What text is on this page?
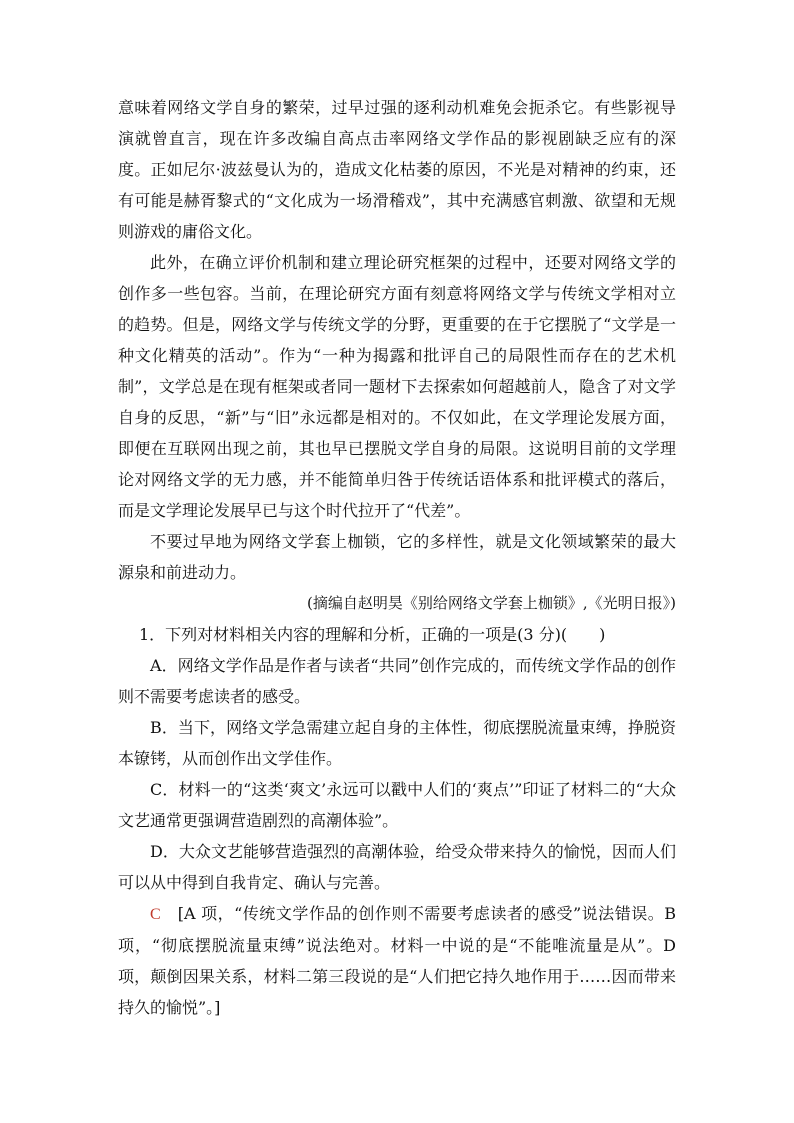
意味着网络文学自身的繁荣，过早过强的逐利动机难免会扼杀它。有些影视导演就曾直言，现在许多改编自高点击率网络文学作品的影视剧缺乏应有的深度。正如尼尔·波兹曼认为的，造成文化枯萎的原因，不光是对精神的约束，还有可能是赫胥黎式的“文化成为一场滑稽戏”，其中充满感官刺激、欲望和无规则游戏的庸俗文化。

此外，在确立评价机制和建立理论研究框架的过程中，还要对网络文学的创作多一些包容。当前，在理论研究方面有刻意将网络文学与传统文学相对立的趋势。但是，网络文学与传统文学的分野，更重要的在于它摆脱了“文学是一种文化精英的活动”。作为“一种为揭露和批评自己的局限性而存在的艺术机制”，文学总是在现有框架或者同一题材下去探索如何超越前人，隐含了对文学自身的反思，“新”与“旧”永远都是相对的。不仅如此，在文学理论发展方面，即便在互联网出现之前，其也早已摆脱文学自身的局限。这说明目前的文学理论对网络文学的无力感，并不能简单归咎于传统话语体系和批评模式的落后，而是文学理论发展早已与这个时代拉开了“代差”。

不要过早地为网络文学套上枷锁，它的多样性，就是文化领域繁荣的最大源泉和前进动力。

(摘编自赵明昊《别给网络文学套上枷锁》,《光明日报》)

1．下列对材料相关内容的理解和分析，正确的一项是(3 分)(　　)

A．网络文学作品是作者与读者“共同”创作完成的，而传统文学作品的创作则不需要考虑读者的感受。

B．当下，网络文学急需建立起自身的主体性，彻底摆脱流量束缚，挣脱资本镣铐，从而创作出文学佳作。

C．材料一的“这类‘爽文’永远可以戳中人们的‘爽点’”印证了材料二的“大众文艺通常更强调营造剧烈的高潮体验”。

D．大众文艺能够营造强烈的高潮体验，给受众带来持久的愉悦，因而人们可以从中得到自我肯定、确认与完善。

C　 [A 项，“传统文学作品的创作则不需要考虑读者的感受”说法错误。B 项，“彻底摆脱流量束缚”说法绝对。材料一中说的是“不能唯流量是从”。D 项，颠倒因果关系，材料二第三段说的是“人们把它持久地作用于……因而带来持久的愉悦”。]
